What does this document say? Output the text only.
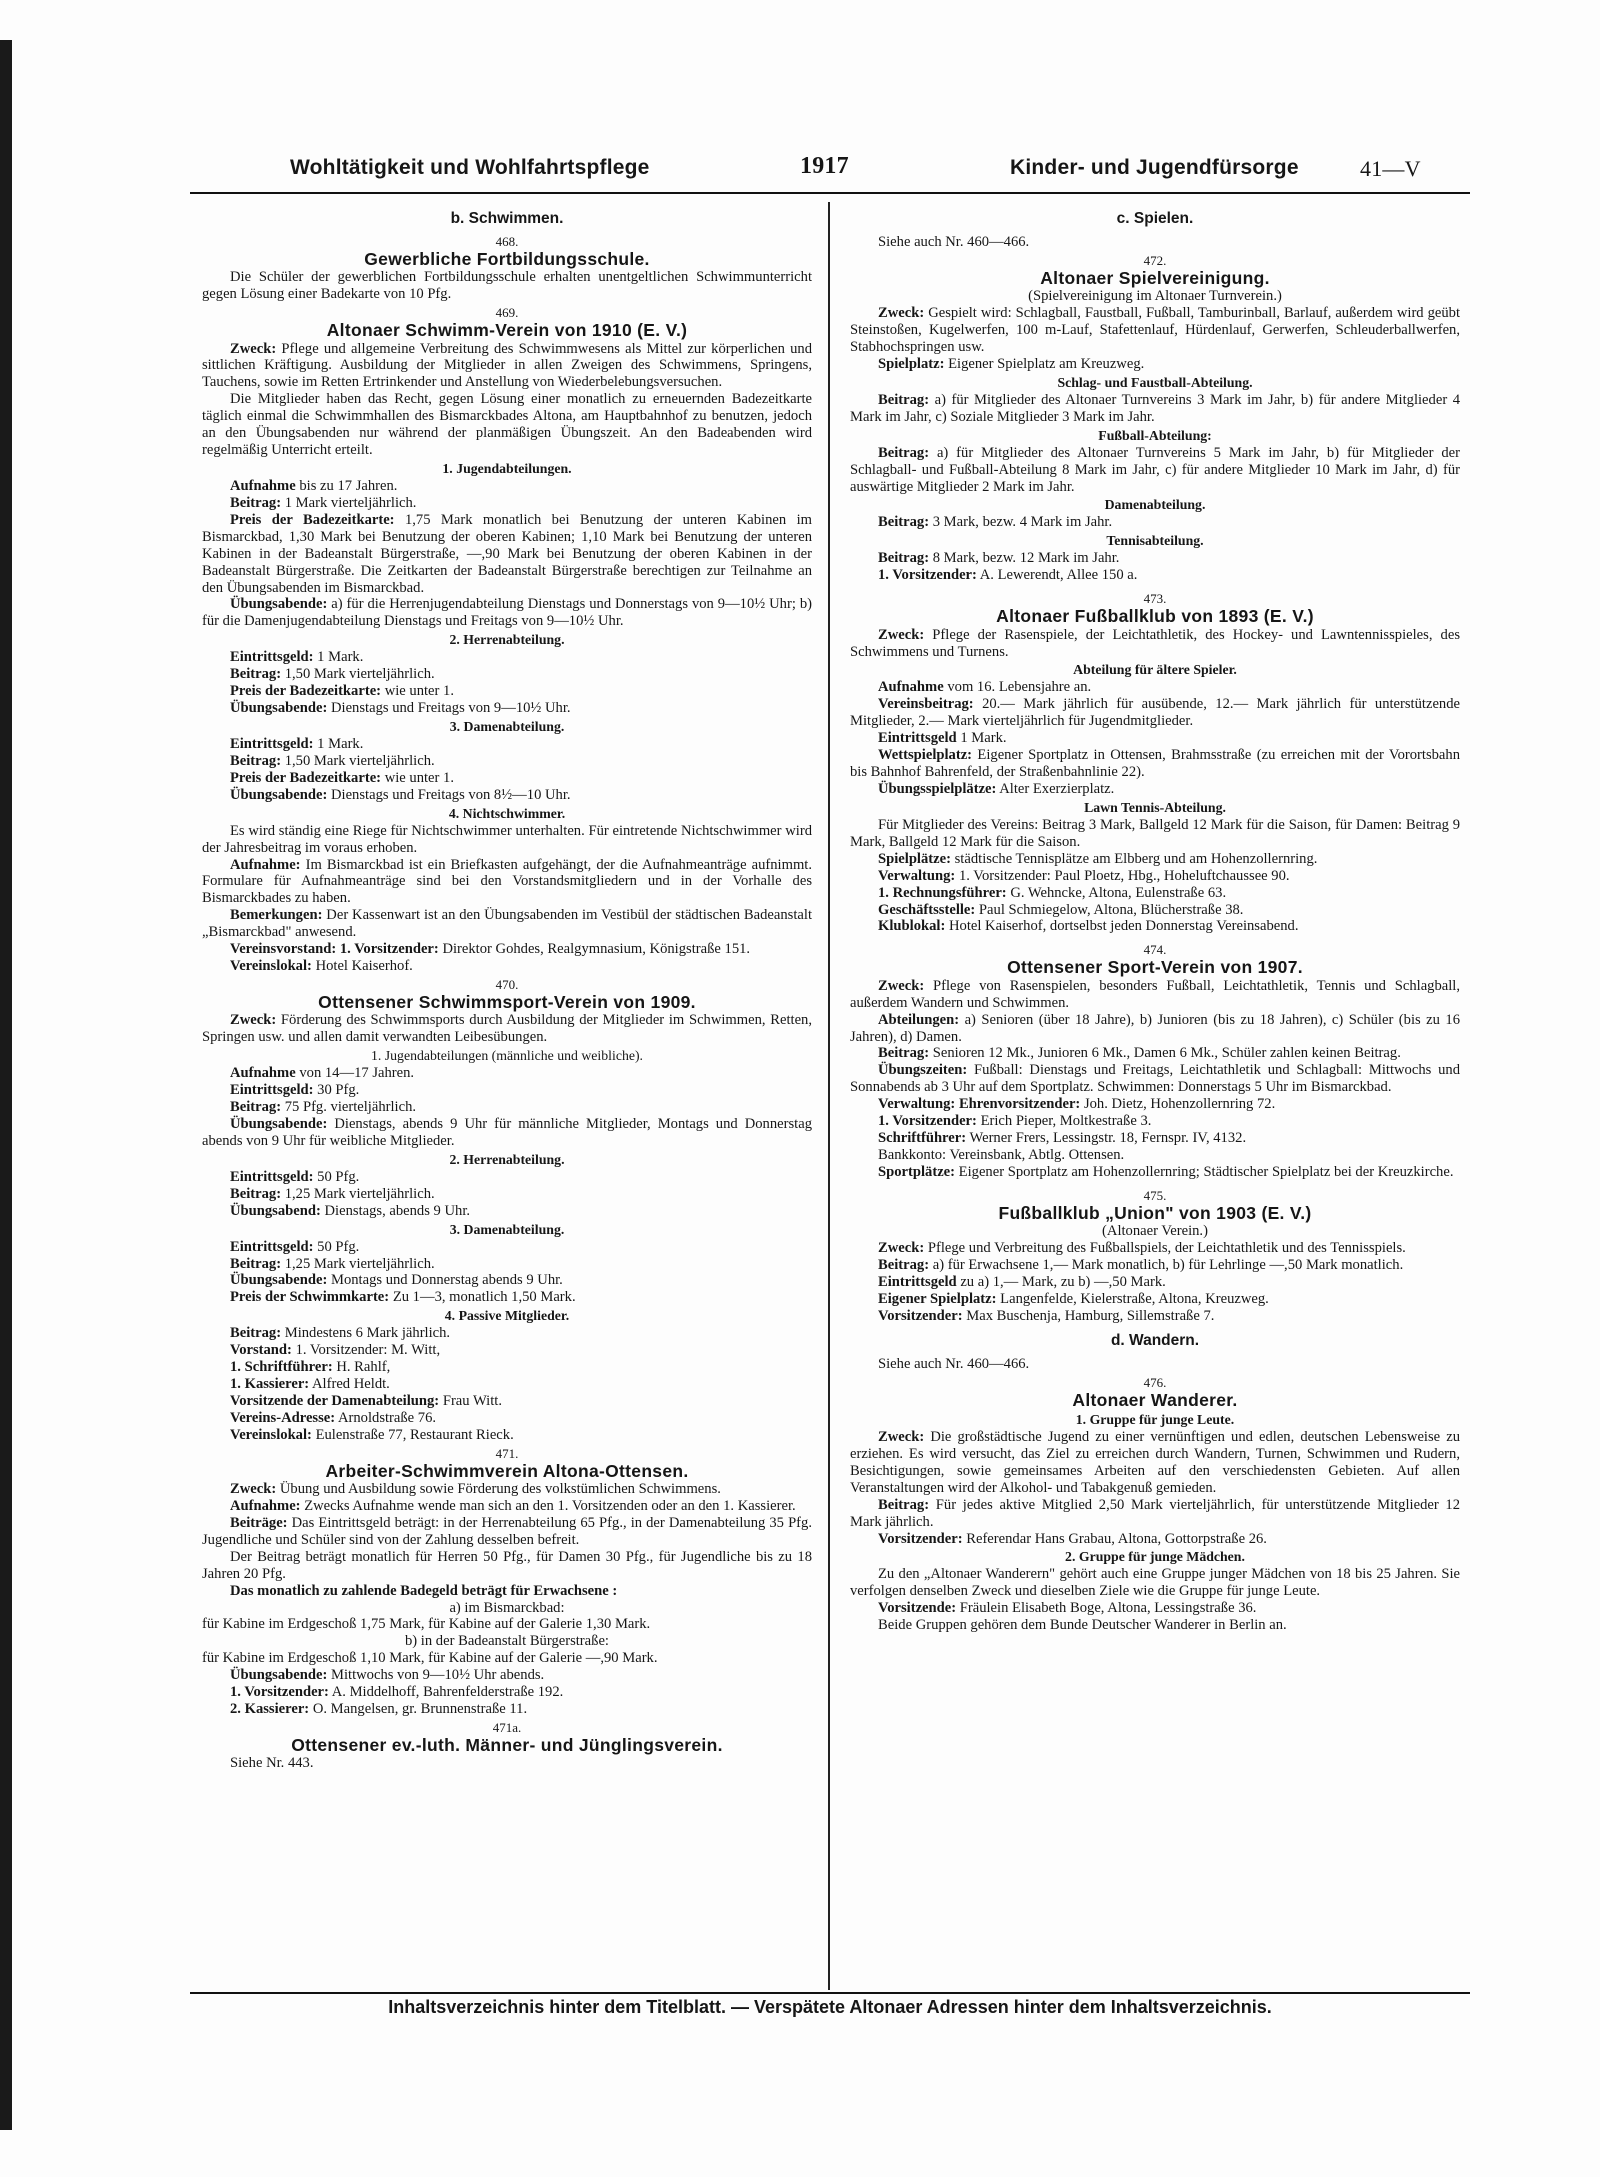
Wohltätigkeit und Wohlfahrtspflege	1917	Kinder- und Jugendfürsorge	41—V
b. Schwimmen.
468.
Gewerbliche Fortbildungsschule.

Die Schüler der gewerblichen Fortbildungsschule erhalten unentgeltlichen Schwimmunterricht gegen Lösung einer Badekarte von 10 Pfg.

469.
Altonaer Schwimm-Verein von 1910 (E. V.)

Zweck: Pflege und allgemeine Verbreitung des Schwimmwesens als Mittel zur körperlichen und sittlichen Kräftigung. Ausbildung der Mitglieder in allen Zweigen des Schwimmens, Springens, Tauchens, sowie im Retten Ertrinkender und Anstellung von Wiederbelebungsversuchen.

Die Mitglieder haben das Recht, gegen Lösung einer monatlich zu erneuernden Badezeitkarte täglich einmal die Schwimmhallen des Bismarckbades Altona, am Hauptbahnhof zu benutzen, jedoch an den Übungsabenden nur während der planmäßigen Übungszeit. An den Badeabenden wird regelmäßig Unterricht erteilt.

1. Jugendabteilungen.

Aufnahme bis zu 17 Jahren.

Beitrag: 1 Mark vierteljährlich.

Preis der Badezeitkarte: 1,75 Mark monatlich bei Benutzung der unteren Kabinen im Bismarckbad, 1,30 Mark bei Benutzung der oberen Kabinen; 1,10 Mark bei Benutzung der unteren Kabinen in der Badeanstalt Bürgerstraße, —,90 Mark bei Benutzung der oberen Kabinen in der Badeanstalt Bürgerstraße. Die Zeitkarten der Badeanstalt Bürgerstraße berechtigen zur Teilnahme an den Übungsabenden im Bismarckbad.

Übungsabende: a) für die Herrenjugendabteilung Dienstags und Donnerstags von 9—10½ Uhr; b) für die Damenjugendabteilung Dienstags und Freitags von 9—10½ Uhr.

2. Herrenabteilung.

Eintrittsgeld: 1 Mark.

Beitrag: 1,50 Mark vierteljährlich.

Preis der Badezeitkarte: wie unter 1.

Übungsabende: Dienstags und Freitags von 9—10½ Uhr.

3. Damenabteilung.

Eintrittsgeld: 1 Mark.

Beitrag: 1,50 Mark vierteljährlich.

Preis der Badezeitkarte: wie unter 1.

Übungsabende: Dienstags und Freitags von 8½—10 Uhr.

4. Nichtschwimmer.

Es wird ständig eine Riege für Nichtschwimmer unterhalten. Für eintretende Nichtschwimmer wird der Jahresbeitrag im voraus erhoben.

Aufnahme: Im Bismarckbad ist ein Briefkasten aufgehängt, der die Aufnahmeanträge aufnimmt. Formulare für Aufnahmeanträge sind bei den Vorstandsmitgliedern und in der Vorhalle des Bismarckbades zu haben.

Bemerkungen: Der Kassenwart ist an den Übungsabenden im Vestibül der städtischen Badeanstalt „Bismarckbad" anwesend.

Vereinsvorstand: 1. Vorsitzender: Direktor Gohdes, Realgymnasium, Königstraße 151.

Vereinslokal: Hotel Kaiserhof.

470.
Ottensener Schwimmsport-Verein von 1909.

Zweck: Förderung des Schwimmsports durch Ausbildung der Mitglieder im Schwimmen, Retten, Springen usw. und allen damit verwandten Leibesübungen.

1. Jugendabteilungen (männliche und weibliche).

Aufnahme von 14—17 Jahren.

Eintrittsgeld: 30 Pfg.

Beitrag: 75 Pfg. vierteljährlich.

Übungsabende: Dienstags, abends 9 Uhr für männliche Mitglieder, Montags und Donnerstag abends von 9 Uhr für weibliche Mitglieder.

2. Herrenabteilung.

Eintrittsgeld: 50 Pfg.

Beitrag: 1,25 Mark vierteljährlich.

Übungsabend: Dienstags, abends 9 Uhr.

3. Damenabteilung.

Eintrittsgeld: 50 Pfg.

Beitrag: 1,25 Mark vierteljährlich.

Übungsabende: Montags und Donnerstag abends 9 Uhr.

Preis der Schwimmkarte: Zu 1—3, monatlich 1,50 Mark.

4. Passive Mitglieder.

Beitrag: Mindestens 6 Mark jährlich.

Vorstand: 1. Vorsitzender: M. Witt,

1. Schriftführer: H. Rahlf,

1. Kassierer: Alfred Heldt.

Vorsitzende der Damenabteilung: Frau Witt.

Vereins-Adresse: Arnoldstraße 76.

Vereinslokal: Eulenstraße 77, Restaurant Rieck.

471.
Arbeiter-Schwimmverein Altona-Ottensen.

Zweck: Übung und Ausbildung sowie Förderung des volkstümlichen Schwimmens.

Aufnahme: Zwecks Aufnahme wende man sich an den 1. Vorsitzenden oder an den 1. Kassierer.

Beiträge: Das Eintrittsgeld beträgt: in der Herrenabteilung 65 Pfg., in der Damenabteilung 35 Pfg. Jugendliche und Schüler sind von der Zahlung desselben befreit.

Der Beitrag beträgt monatlich für Herren 50 Pfg., für Damen 30 Pfg., für Jugendliche bis zu 18 Jahren 20 Pfg.

Das monatlich zu zahlende Badegeld beträgt für Erwachsene :

a) im Bismarckbad:

für Kabine im Erdgeschoß 1,75 Mark, für Kabine auf der Galerie 1,30 Mark.

b) in der Badeanstalt Bürgerstraße:

für Kabine im Erdgeschoß 1,10 Mark, für Kabine auf der Galerie —,90 Mark.

Übungsabende: Mittwochs von 9—10½ Uhr abends.

1. Vorsitzender: A. Middelhoff, Bahrenfelderstraße 192.

2. Kassierer: O. Mangelsen, gr. Brunnenstraße 11.

471a.
Ottensener ev.-luth. Männer- und Jünglingsverein.

Siehe Nr. 443.

c. Spielen.

Siehe auch Nr. 460—466.

472.
Altonaer Spielvereinigung.

(Spielvereinigung im Altonaer Turnverein.)

Zweck: Gespielt wird: Schlagball, Faustball, Fußball, Tamburinball, Barlauf, außerdem wird geübt Steinstoßen, Kugelwerfen, 100 m-Lauf, Stafettenlauf, Hürdenlauf, Gerwerfen, Schleuderballwerfen, Stabhochspringen usw.

Spielplatz: Eigener Spielplatz am Kreuzweg.

Schlag- und Faustball-Abteilung.

Beitrag: a) für Mitglieder des Altonaer Turnvereins 3 Mark im Jahr, b) für andere Mitglieder 4 Mark im Jahr, c) Soziale Mitglieder 3 Mark im Jahr.

Fußball-Abteilung:

Beitrag: a) für Mitglieder des Altonaer Turnvereins 5 Mark im Jahr, b) für Mitglieder der Schlagball- und Fußball-Abteilung 8 Mark im Jahr, c) für andere Mitglieder 10 Mark im Jahr, d) für auswärtige Mitglieder 2 Mark im Jahr.

Damenabteilung.

Beitrag: 3 Mark, bezw. 4 Mark im Jahr.

Tennisabteilung.

Beitrag: 8 Mark, bezw. 12 Mark im Jahr.

1. Vorsitzender: A. Lewerendt, Allee 150 a.

473.
Altonaer Fußballklub von 1893 (E. V.)

Zweck: Pflege der Rasenspiele, der Leichtathletik, des Hockey- und Lawntennisspieles, des Schwimmens und Turnens.

Abteilung für ältere Spieler.

Aufnahme vom 16. Lebensjahre an.

Vereinsbeitrag: 20.— Mark jährlich für ausübende, 12.— Mark jährlich für unterstützende Mitglieder, 2.— Mark vierteljährlich für Jugendmitglieder.

Eintrittsgeld 1 Mark.

Wettspielplatz: Eigener Sportplatz in Ottensen, Brahmsstraße (zu erreichen mit der Vorortsbahn bis Bahnhof Bahrenfeld, der Straßenbahnlinie 22).

Übungsspielplätze: Alter Exerzierplatz.

Lawn Tennis-Abteilung.

Für Mitglieder des Vereins: Beitrag 3 Mark, Ballgeld 12 Mark für die Saison, für Damen: Beitrag 9 Mark, Ballgeld 12 Mark für die Saison.

Spielplätze: städtische Tennisplätze am Elbberg und am Hohenzollernring.

Verwaltung: 1. Vorsitzender: Paul Ploetz, Hbg., Hoheluftchaussee 90.

1. Rechnungsführer: G. Wehncke, Altona, Eulenstraße 63.

Geschäftsstelle: Paul Schmiegelow, Altona, Blücherstraße 38.

Klublokal: Hotel Kaiserhof, dortselbst jeden Donnerstag Vereinsabend.

474.
Ottensener Sport-Verein von 1907.

Zweck: Pflege von Rasenspielen, besonders Fußball, Leichtathletik, Tennis und Schlagball, außerdem Wandern und Schwimmen.

Abteilungen: a) Senioren (über 18 Jahre), b) Junioren (bis zu 18 Jahren), c) Schüler (bis zu 16 Jahren), d) Damen.

Beitrag: Senioren 12 Mk., Junioren 6 Mk., Damen 6 Mk., Schüler zahlen keinen Beitrag.

Übungszeiten: Fußball: Dienstags und Freitags, Leichtathletik und Schlagball: Mittwochs und Sonnabends ab 3 Uhr auf dem Sportplatz. Schwimmen: Donnerstags 5 Uhr im Bismarckbad.

Verwaltung: Ehrenvorsitzender: Joh. Dietz, Hohenzollernring 72.

1. Vorsitzender: Erich Pieper, Moltkestraße 3.

Schriftführer: Werner Frers, Lessingstr. 18, Fernspr. IV, 4132.

Bankkonto: Vereinsbank, Abtlg. Ottensen.

Sportplätze: Eigener Sportplatz am Hohenzollernring; Städtischer Spielplatz bei der Kreuzkirche.

475.
Fußballklub „Union" von 1903 (E. V.)

(Altonaer Verein.)

Zweck: Pflege und Verbreitung des Fußballspiels, der Leichtathletik und des Tennisspiels.

Beitrag: a) für Erwachsene 1,— Mark monatlich, b) für Lehrlinge —,50 Mark monatlich.

Eintrittsgeld zu a) 1,— Mark, zu b) —,50 Mark.

Eigener Spielplatz: Langenfelde, Kielerstraße, Altona, Kreuzweg.

Vorsitzender: Max Buschenja, Hamburg, Sillemstraße 7.

d. Wandern.

Siehe auch Nr. 460—466.

476.
Altonaer Wanderer.
1. Gruppe für junge Leute.

Zweck: Die großstädtische Jugend zu einer vernünftigen und edlen, deutschen Lebensweise zu erziehen. Es wird versucht, das Ziel zu erreichen durch Wandern, Turnen, Schwimmen und Rudern, Besichtigungen, sowie gemeinsames Arbeiten auf den verschiedensten Gebieten. Auf allen Veranstaltungen wird der Alkohol- und Tabakgenuß gemieden.

Beitrag: Für jedes aktive Mitglied 2,50 Mark vierteljährlich, für unterstützende Mitglieder 12 Mark jährlich.

Vorsitzender: Referendar Hans Grabau, Altona, Gottorpstraße 26.

2. Gruppe für junge Mädchen.

Zu den „Altonaer Wanderern" gehört auch eine Gruppe junger Mädchen von 18 bis 25 Jahren. Sie verfolgen denselben Zweck und dieselben Ziele wie die Gruppe für junge Leute.

Vorsitzende: Fräulein Elisabeth Boge, Altona, Lessingstraße 36.

Beide Gruppen gehören dem Bunde Deutscher Wanderer in Berlin an.

Inhaltsverzeichnis hinter dem Titelblatt. — Verspätete Altonaer Adressen hinter dem Inhaltsverzeichnis.
